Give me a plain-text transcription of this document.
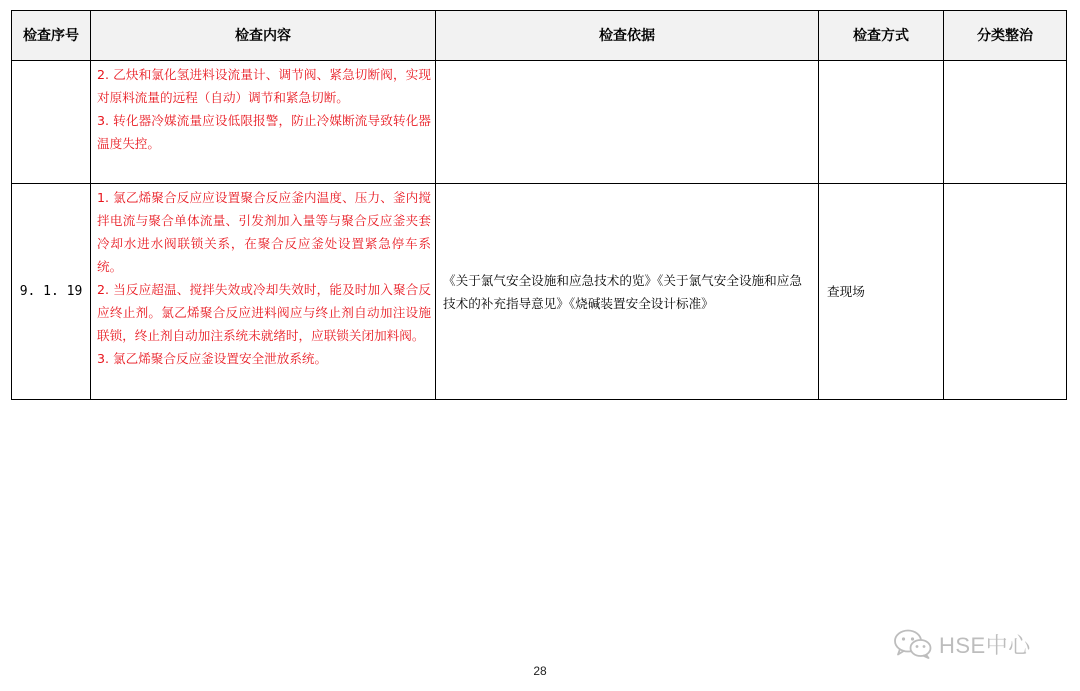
检查序号	检查内容	检查依据	检查方式	分类整治

	2. 乙炔和氯化氢进料设流量计、调节阀、紧急切断阀，实现对原料流量的远程（自动）调节和紧急切断。
3. 转化器冷媒流量应设低限报警，防止冷媒断流导致转化器温度失控。			

9. 1. 19	1. 氯乙烯聚合反应应设置聚合反应釜内温度、压力、釜内搅拌电流与聚合单体流量、引发剂加入量等与聚合反应釜夹套冷却水进水阀联锁关系，在聚合反应釜处设置紧急停车系统。
2. 当反应超温、搅拌失效或冷却失效时，能及时加入聚合反应终止剂。氯乙烯聚合反应进料阀应与终止剂自动加注设施联锁，终止剂自动加注系统未就绪时，应联锁关闭加料阀。
3. 氯乙烯聚合反应釜设置安全泄放系统。	《关于氯气安全设施和应急技术的览》《关于氯气安全设施和应急技术的补充指导意见》《烧碱装置安全设计标准》	查现场	
HSE中心
28
